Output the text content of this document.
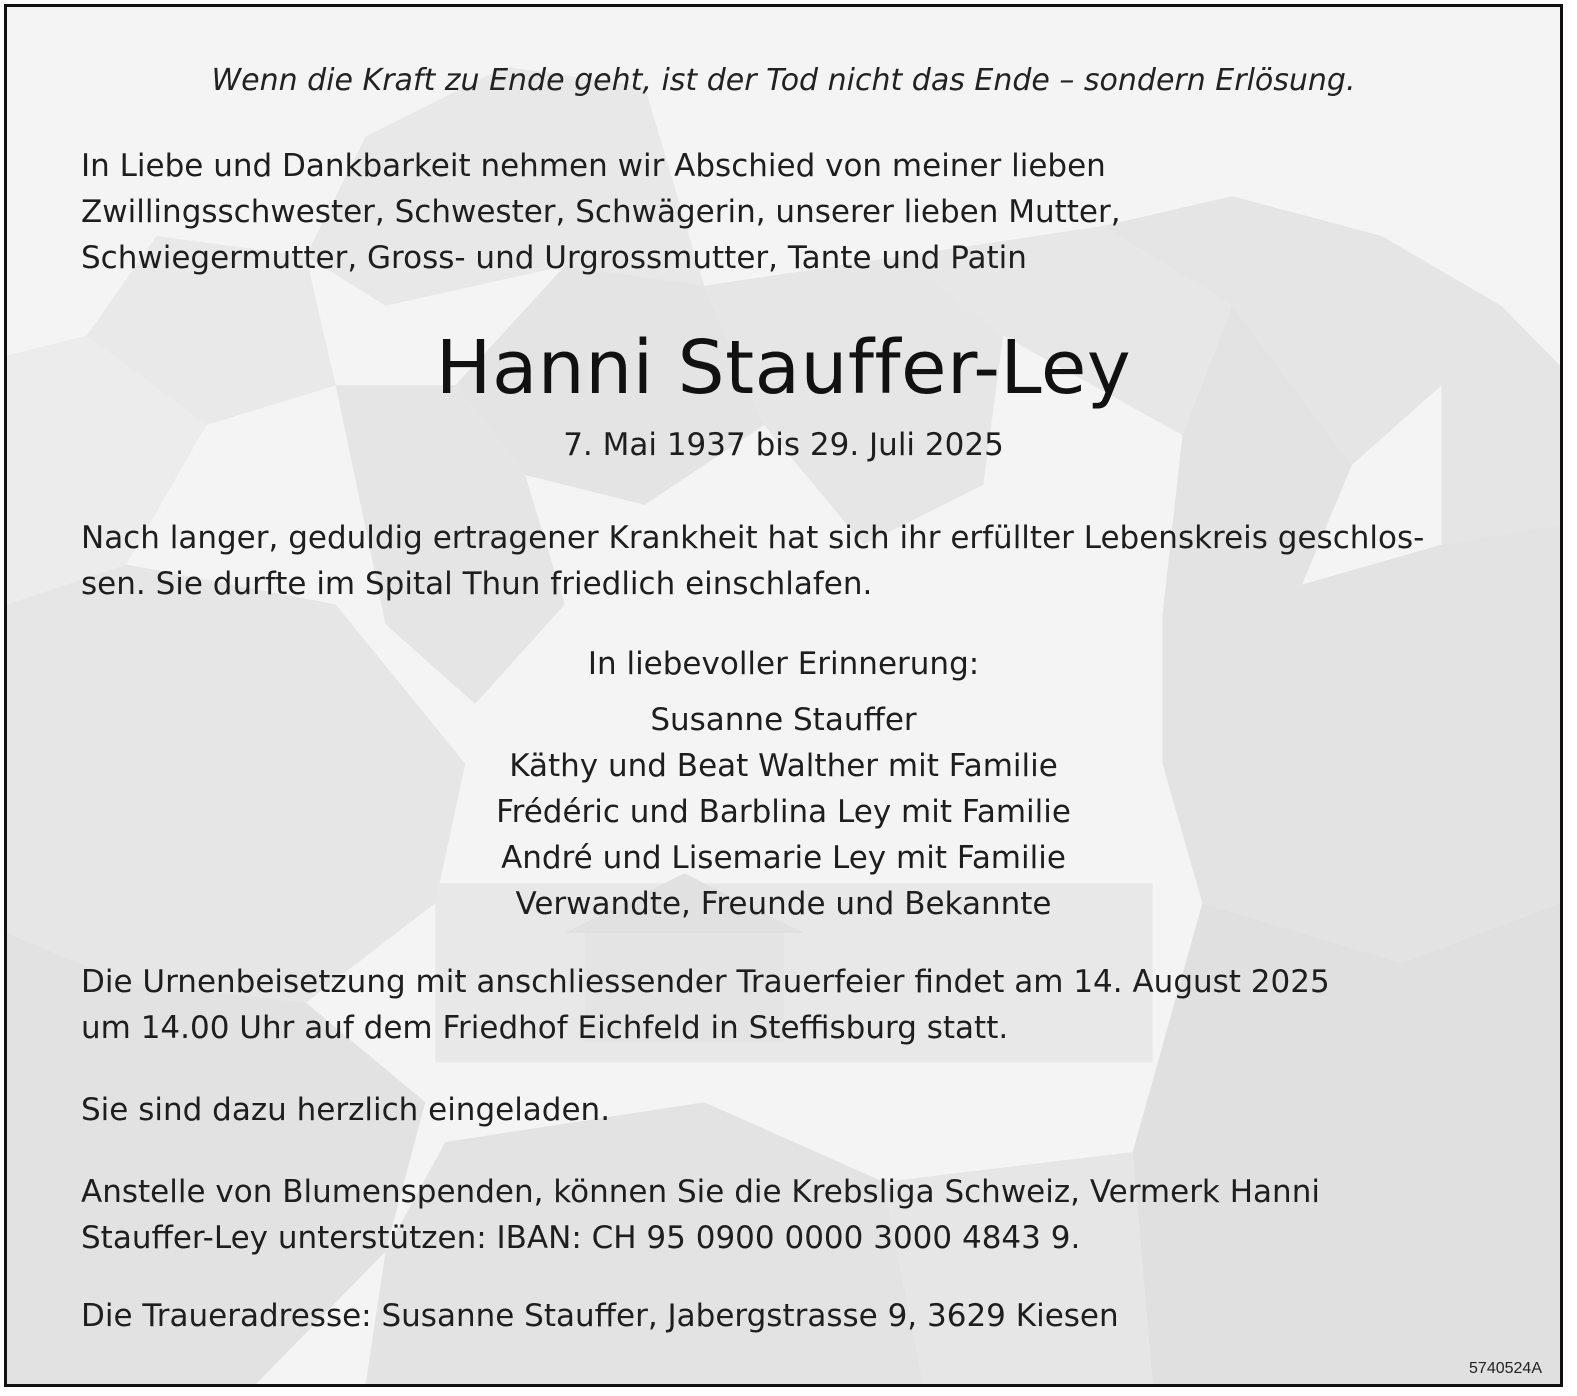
Wenn die Kraft zu Ende geht, ist der Tod nicht das Ende – sondern Erlösung.
In Liebe und Dankbarkeit nehmen wir Abschied von meiner lieben
Zwillingsschwester, Schwester, Schwägerin, unserer lieben Mutter,
Schwiegermutter, Gross- und Urgrossmutter, Tante und Patin
Hanni Stauffer-Ley
7. Mai 1937 bis 29. Juli 2025
Nach langer, geduldig ertragener Krankheit hat sich ihr erfüllter Lebenskreis geschlos-
sen. Sie durfte im Spital Thun friedlich einschlafen.
In liebevoller Erinnerung:
Susanne Stauffer
Käthy und Beat Walther mit Familie
Frédéric und Barblina Ley mit Familie
André und Lisemarie Ley mit Familie
Verwandte, Freunde und Bekannte
Die Urnenbeisetzung mit anschliessender Trauerfeier findet am 14. August 2025
um 14.00 Uhr auf dem Friedhof Eichfeld in Steffisburg statt.
Sie sind dazu herzlich eingeladen.
Anstelle von Blumenspenden, können Sie die Krebsliga Schweiz, Vermerk Hanni
Stauffer-Ley unterstützen: IBAN: CH 95 0900 0000 3000 4843 9.
Die Traueradresse: Susanne Stauffer, Jabergstrasse 9, 3629 Kiesen
5740524A
